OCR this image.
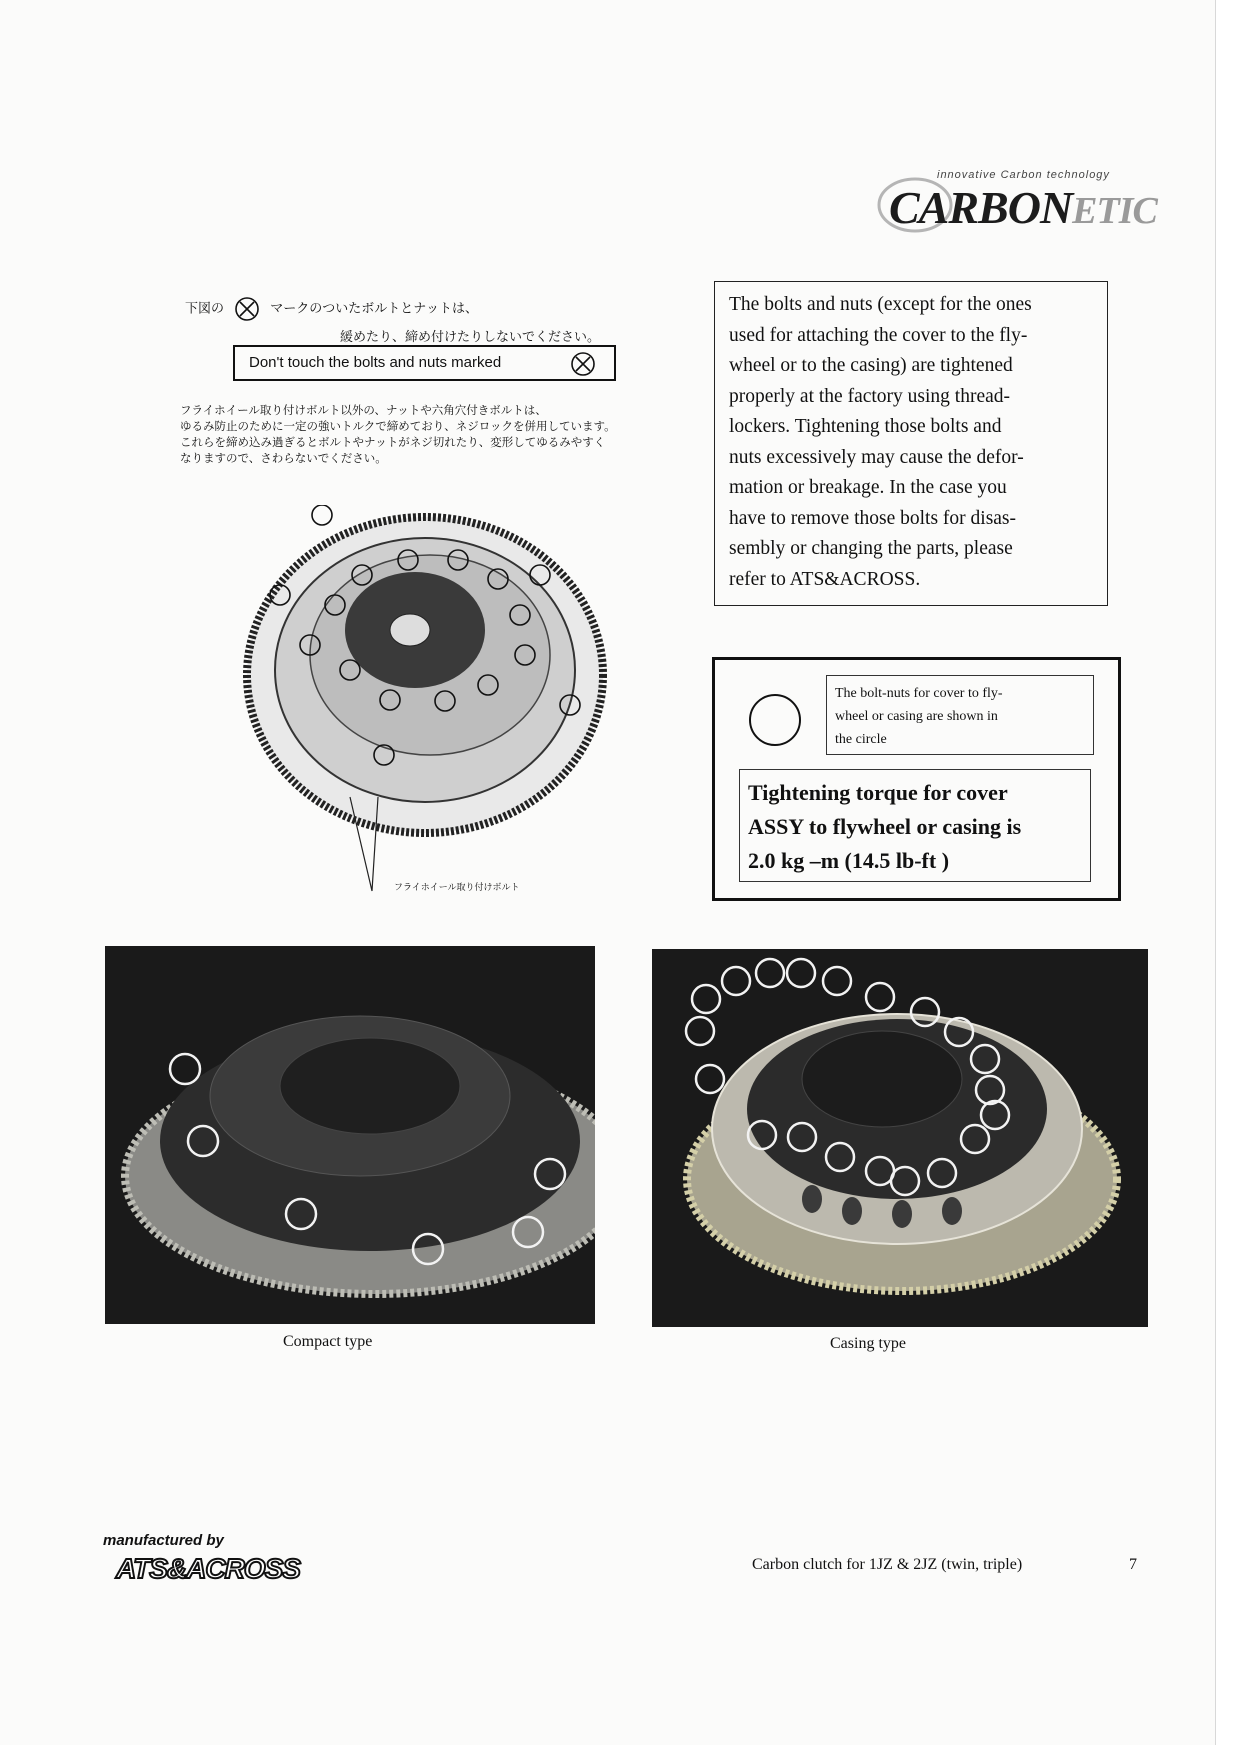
innovative Carbon technology
CARBONETIC
下図の	マークのついたボルトとナットは、
緩めたり、締め付けたりしないでください。
Don't touch the bolts and nuts marked
フライホイール取り付けボルト以外の、ナットや六角穴付きボルトは、
ゆるみ防止のために一定の強いトルクで締めており、ネジロックを併用しています。
これらを締め込み過ぎるとボルトやナットがネジ切れたり、変形してゆるみやすく
なりますので、さわらないでください。
The bolts and nuts (except for the ones
used for attaching the cover to the fly-
wheel or to the casing) are tightened
properly at the factory using thread-
lockers. Tightening those bolts and
nuts excessively may cause the defor-
mation or breakage. In the case you
have to remove those bolts for disas-
sembly or changing the parts, please
refer to ATS&ACROSS.
フライホイール取り付けボルト
The bolt-nuts for cover to fly-
wheel or casing are shown in
the circle
Tightening torque for cover
ASSY to flywheel or casing is
2.0 kg –m (14.5 lb-ft )
Compact type	Casing type
manufactured by
ATS&ACROSS	Carbon clutch for 1JZ & 2JZ (twin, triple)	7
